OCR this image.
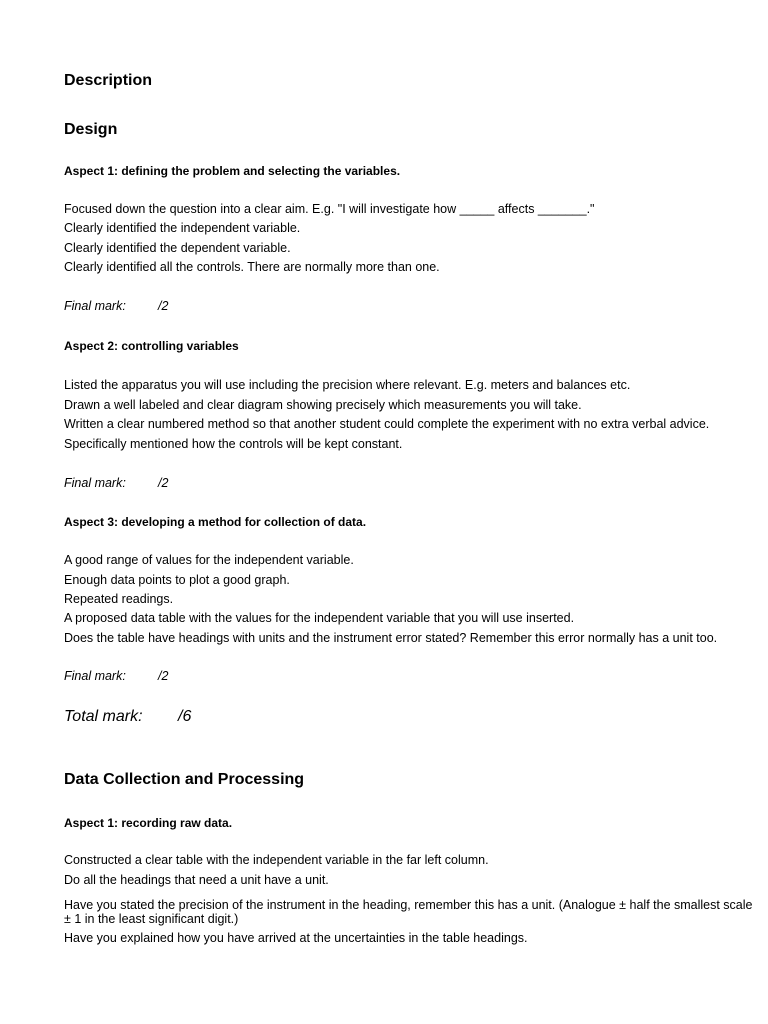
Description
Design
Aspect 1: defining the problem and selecting the variables.
Focused down the question into a clear aim. E.g. "I will investigate how _____ affects _______."
Clearly identified the independent variable.
Clearly identified the dependent variable.
Clearly identified all the controls. There are normally more than one.
Final mark:	/2
Aspect 2: controlling variables
Listed the apparatus you will use including the precision where relevant. E.g. meters and balances etc.
Drawn a well labeled and clear diagram showing precisely which measurements you will take.
Written a clear numbered method so that another student could complete the experiment with no extra verbal advice.
Specifically mentioned how the controls will be kept constant.
Final mark:	/2
Aspect 3: developing a method for collection of data.
A good range of values for the independent variable.
Enough data points to plot a good graph.
Repeated readings.
A proposed data table with the values for the independent variable that you will use inserted.
Does the table have headings with units and the instrument error stated? Remember this error normally has a unit too.
Final mark:	/2
Total mark: /6
Data Collection and Processing
Aspect 1: recording raw data.
Constructed a clear table with the independent variable in the far left column.
Do all the headings that need a unit have a unit.
Have you stated the precision of the instrument in the heading, remember this has a unit. (Analogue ± half the smallest scale
± 1 in the least significant digit.)
Have you explained how you have arrived at the uncertainties in the table headings.
